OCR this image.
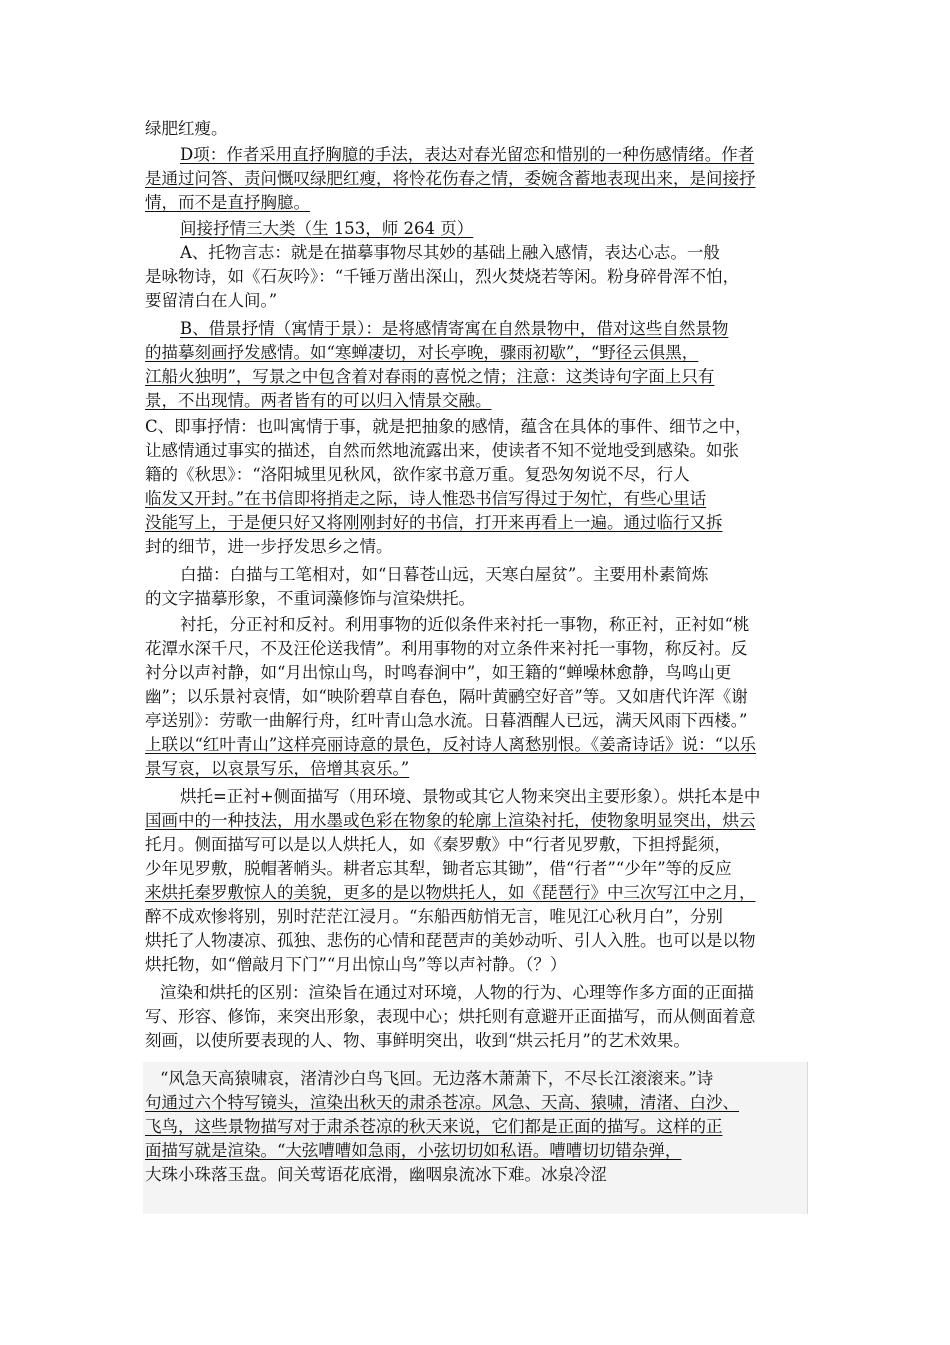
绿肥红瘦。
D项：作者采用直抒胸臆的手法，表达对春光留恋和惜别的一种伤感情绪。作者
是通过问答、责问慨叹绿肥红瘦，将怜花伤春之情，委婉含蓄地表现出来，是间接抒
情，而不是直抒胸臆。
间接抒情三大类（生 153，师 264 页）
A、托物言志：就是在描摹事物尽其妙的基础上融入感情，表达心志。一般
是咏物诗，如《石灰吟》：“千锤万凿出深山，烈火焚烧若等闲。粉身碎骨浑不怕，
要留清白在人间。”
B、借景抒情（寓情于景）：是将感情寄寓在自然景物中，借对这些自然景物
的描摹刻画抒发感情。如“寒蝉凄切，对长亭晚，骤雨初歇”，“野径云俱黑，
江船火独明”，写景之中包含着对春雨的喜悦之情；注意：这类诗句字面上只有
景，不出现情。两者皆有的可以归入情景交融。
C、即事抒情：也叫寓情于事，就是把抽象的感情，蕴含在具体的事件、细节之中，
让感情通过事实的描述，自然而然地流露出来，使读者不知不觉地受到感染。如张
籍的《秋思》：“洛阳城里见秋风，欲作家书意万重。复恐匆匆说不尽，行人
临发又开封。”在书信即将捎走之际，诗人惟恐书信写得过于匆忙，有些心里话
没能写上，于是便只好又将刚刚封好的书信，打开来再看上一遍。通过临行又拆
封的细节，进一步抒发思乡之情。
白描：白描与工笔相对，如“日暮苍山远，天寒白屋贫”。主要用朴素简炼
的文字描摹形象，不重词藻修饰与渲染烘托。
衬托，分正衬和反衬。利用事物的近似条件来衬托一事物，称正衬，正衬如“桃
花潭水深千尺，不及汪伦送我情”。利用事物的对立条件来衬托一事物，称反衬。反
衬分以声衬静，如“月出惊山鸟，时鸣春涧中”，如王籍的“蝉噪林愈静，鸟鸣山更
幽”；以乐景衬哀情，如“映阶碧草自春色，隔叶黄鹂空好音”等。又如唐代许浑《谢
亭送别》：劳歌一曲解行舟，红叶青山急水流。日暮酒醒人已远，满天风雨下西楼。”
上联以“红叶青山”这样亮丽诗意的景色，反衬诗人离愁别恨。《姜斋诗话》说：“以乐
景写哀，以哀景写乐，倍增其哀乐。”
烘托=正衬+侧面描写（用环境、景物或其它人物来突出主要形象）。烘托本是中
国画中的一种技法，用水墨或色彩在物象的轮廓上渲染衬托，使物象明显突出，烘云
托月。侧面描写可以是以人烘托人，如《秦罗敷》中“行者见罗敷，下担捋髭须，
少年见罗敷，脱帽著帩头。耕者忘其犁，锄者忘其锄”，借“行者”“少年”等的反应
来烘托秦罗敷惊人的美貌，更多的是以物烘托人，如《琵琶行》中三次写江中之月，
醉不成欢惨将别，别时茫茫江浸月。“东船西舫悄无言，唯见江心秋月白”，分别
烘托了人物凄凉、孤独、悲伤的心情和琵琶声的美妙动听、引人入胜。也可以是以物
烘托物，如“僧敲月下门”“月出惊山鸟”等以声衬静。（？）
渲染和烘托的区别：渲染旨在通过对环境，人物的行为、心理等作多方面的正面描
写、形容、修饰，来突出形象，表现中心；烘托则有意避开正面描写，而从侧面着意
刻画，以使所要表现的人、物、事鲜明突出，收到“烘云托月”的艺术效果。
“风急天高猿啸哀，渚清沙白鸟飞回。无边落木萧萧下，不尽长江滚滚来。”诗
句通过六个特写镜头，渲染出秋天的肃杀苍凉。风急、天高、猿啸，清渚、白沙、
飞鸟，这些景物描写对于肃杀苍凉的秋天来说，它们都是正面的描写。这样的正
面描写就是渲染。“大弦嘈嘈如急雨，小弦切切如私语。嘈嘈切切错杂弹，
大珠小珠落玉盘。间关莺语花底滑，幽咽泉流冰下难。冰泉冷涩
